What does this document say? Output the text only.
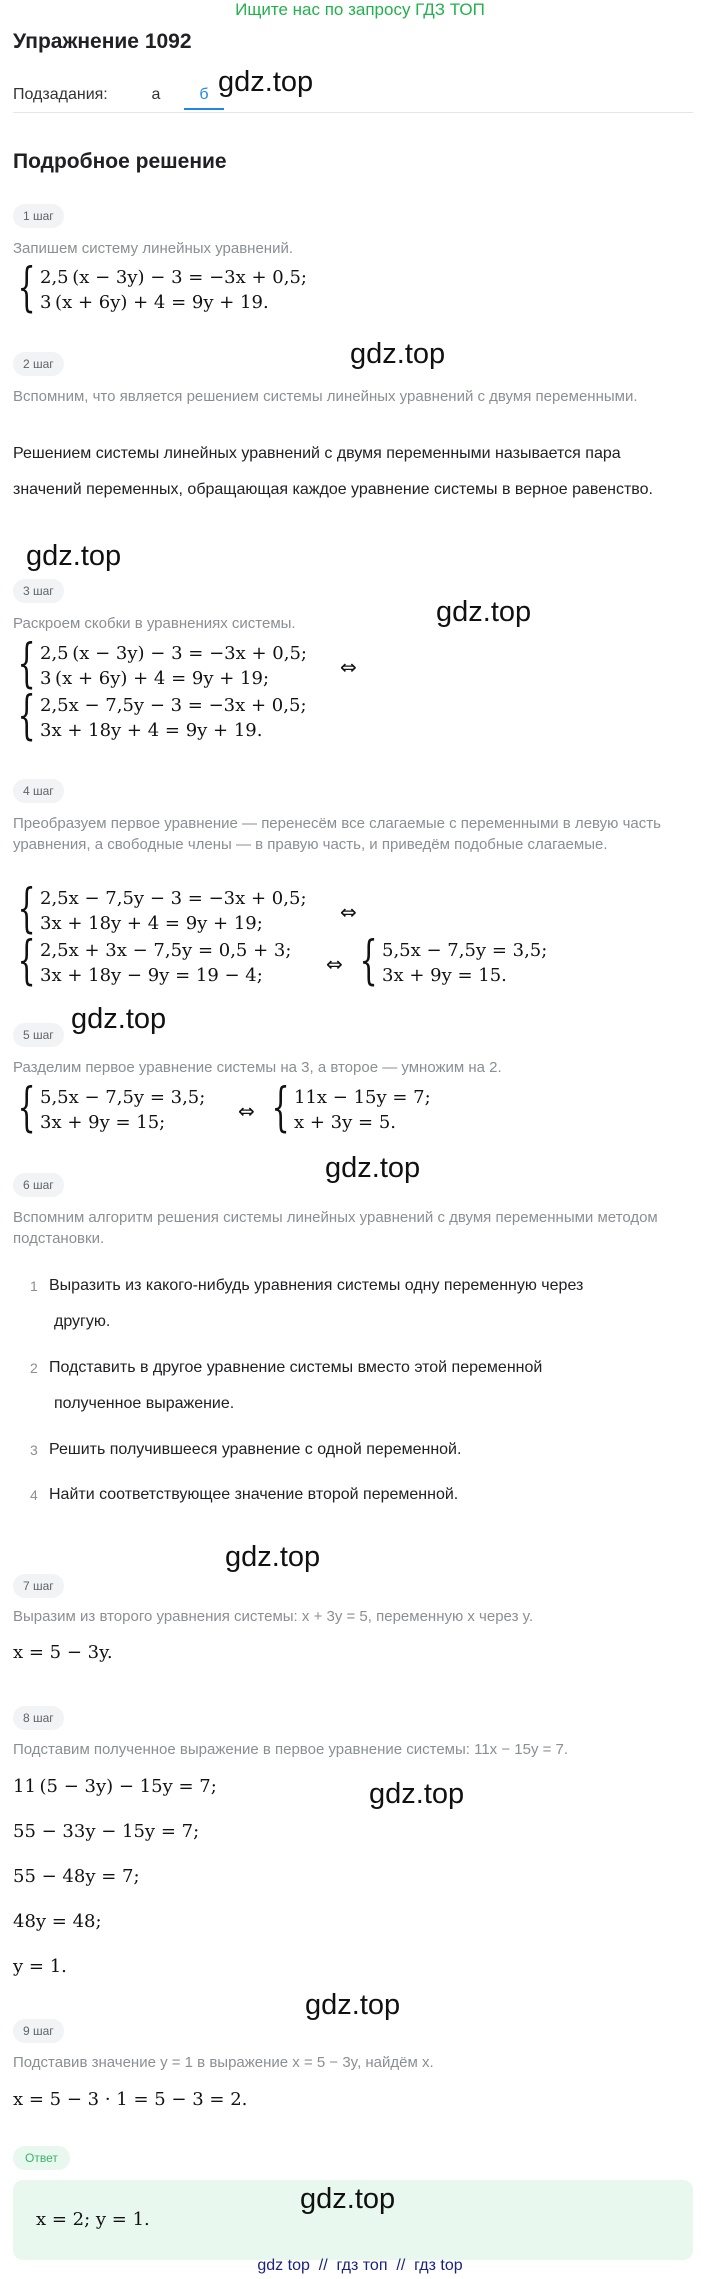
Ищите нас по запросу ГДЗ ТОП
Упражнение 1092
Подзадания:	а	б gdz.top
Подробное решение
1 шаг
Запишем систему линейных уравнений.
{ 2,5 (x − 3y) − 3 = −3x + 0,5;
3 (x + 6y) + 4 = 9y + 19.
gdz.top
2 шаг
Вспомним, что является решением системы линейных уравнений с двумя переменными.
Решением системы линейных уравнений с двумя переменными называется пара значений переменных, обращающая каждое уравнение системы в верное равенство.
gdz.top
3 шаг
gdz.top
Раскроем скобки в уравнениях системы.
{ 2,5 (x − 3y) − 3 = −3x + 0,5;
3 (x + 6y) + 4 = 9y + 19;
{ 2,5x − 7,5y − 3 = −3x + 0,5;
3x + 18y + 4 = 9y + 19.
⇔
4 шаг
Преобразуем первое уравнение — перенесём все слагаемые с переменными в левую часть уравнения, а свободные члены — в правую часть, и приведём подобные слагаемые.
{ 2,5x − 7,5y − 3 = −3x + 0,5;
3x + 18y + 4 = 9y + 19;	⇔
{ 2,5x + 3x − 7,5y = 0,5 + 3;
3x + 18y − 9y = 19 − 4;	⇔ { 5,5x − 7,5y = 3,5;
3x + 9y = 15.
gdz.top
5 шаг
Разделим первое уравнение системы на 3, а второе — умножим на 2.
{ 5,5x − 7,5y = 3,5;
3x + 9y = 15;	⇔ { 11x − 15y = 7;
x + 3y = 5.
gdz.top
6 шаг
Вспомним алгоритм решения системы линейных уравнений с двумя переменными методом подстановки.
1 Выразить из какого-нибудь уравнения системы одну переменную через
другую.
2 Подставить в другое уравнение системы вместо этой переменной
полученное выражение.
3 Решить получившееся уравнение с одной переменной.
4 Найти соответствующее значение второй переменной.
gdz.top
7 шаг
Выразим из второго уравнения системы: x + 3y = 5, переменную x через y.
x = 5 − 3y.
8 шаг
Подставим полученное выражение в первое уравнение системы: 11x − 15y = 7.
11 (5 − 3y) − 15y = 7;	gdz.top
55 − 33y − 15y = 7;
55 − 48y = 7;
48y = 48;
y = 1.
gdz.top
9 шаг
Подставив значение y = 1 в выражение x = 5 − 3y, найдём x.
x = 5 − 3 · 1 = 5 − 3 = 2.
Ответ
x = 2; y = 1.
gdz.top
gdz top  //  гдз топ  //  гдз top
